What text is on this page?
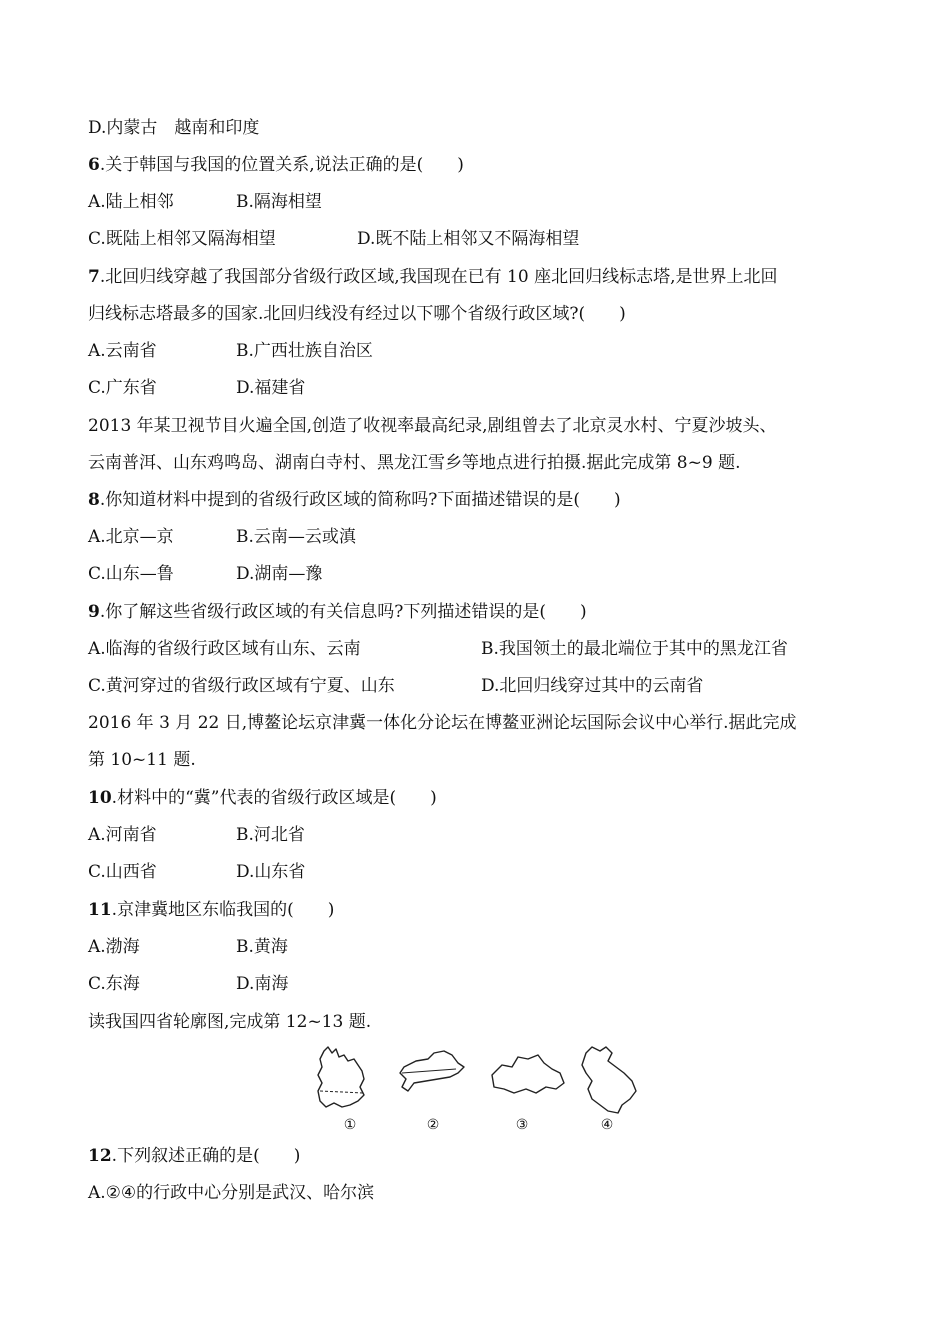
D.内蒙古　越南和印度
6.关于韩国与我国的位置关系,说法正确的是(　　)
A.陆上相邻	B.隔海相望
C.既陆上相邻又隔海相望	D.既不陆上相邻又不隔海相望
7.北回归线穿越了我国部分省级行政区域,我国现在已有 10 座北回归线标志塔,是世界上北回
归线标志塔最多的国家.北回归线没有经过以下哪个省级行政区域?(　　)
A.云南省	B.广西壮族自治区
C.广东省	D.福建省
2013 年某卫视节目火遍全国,创造了收视率最高纪录,剧组曾去了北京灵水村、宁夏沙坡头、
云南普洱、山东鸡鸣岛、湖南白寺村、黑龙江雪乡等地点进行拍摄.据此完成第 8~9 题.
8.你知道材料中提到的省级行政区域的简称吗?下面描述错误的是(　　)
A.北京—京	B.云南—云或滇
C.山东—鲁	D.湖南—豫
9.你了解这些省级行政区域的有关信息吗?下列描述错误的是(　　)
A.临海的省级行政区域有山东、云南	B.我国领土的最北端位于其中的黑龙江省
C.黄河穿过的省级行政区域有宁夏、山东	D.北回归线穿过其中的云南省
2016 年 3 月 22 日,博鳌论坛京津冀一体化分论坛在博鳌亚洲论坛国际会议中心举行.据此完成
第 10~11 题.
10.材料中的“冀”代表的省级行政区域是(　　)
A.河南省	B.河北省
C.山西省	D.山东省
11.京津冀地区东临我国的(　　)
A.渤海	B.黄海
C.东海	D.南海
读我国四省轮廓图,完成第 12~13 题.
①	②	③	④
12.下列叙述正确的是(　　)
A.②④的行政中心分别是武汉、哈尔滨
